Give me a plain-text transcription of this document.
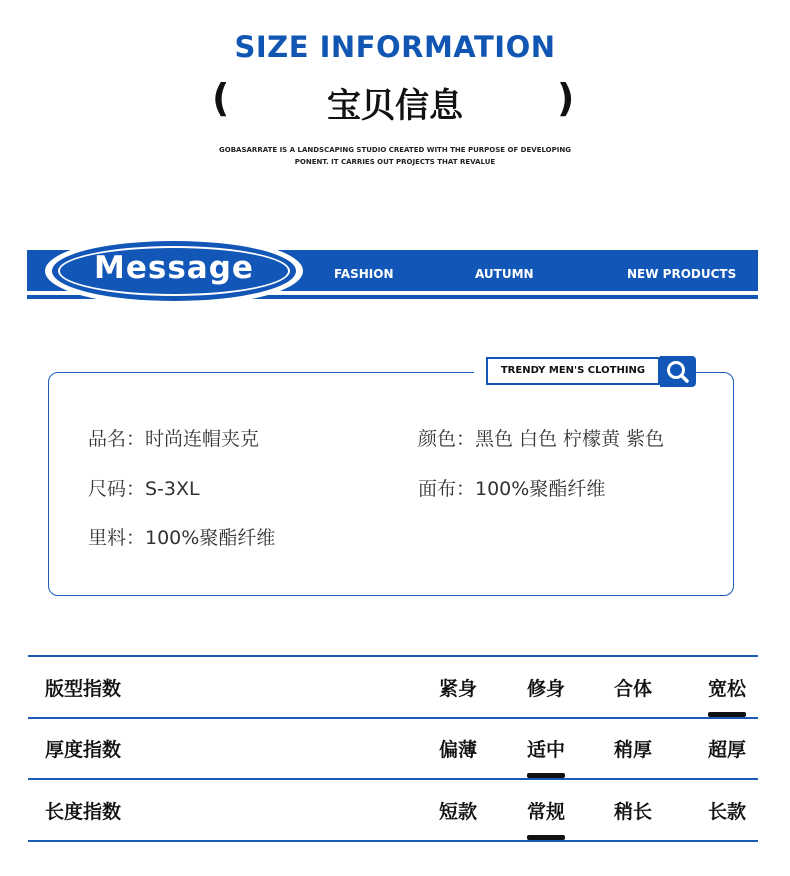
SIZE INFORMATION
(	宝贝信息	)
GOBASARRATE IS A LANDSCAPING STUDIO CREATED WITH THE PURPOSE OF DEVELOPING
PONENT. IT CARRIES OUT PROJECTS THAT REVALUE
Message	FASHION	AUTUMN	NEW PRODUCTS
TRENDY MEN'S CLOTHING
品名：时尚连帽夹克	颜色：黑色 白色 柠檬黄 紫色
尺码：S-3XL	面布：100%聚酯纤维
里料：100%聚酯纤维
版型指数	紧身	修身	合体	宽松
厚度指数	偏薄	适中	稍厚	超厚
长度指数	短款	常规	稍长	长款
